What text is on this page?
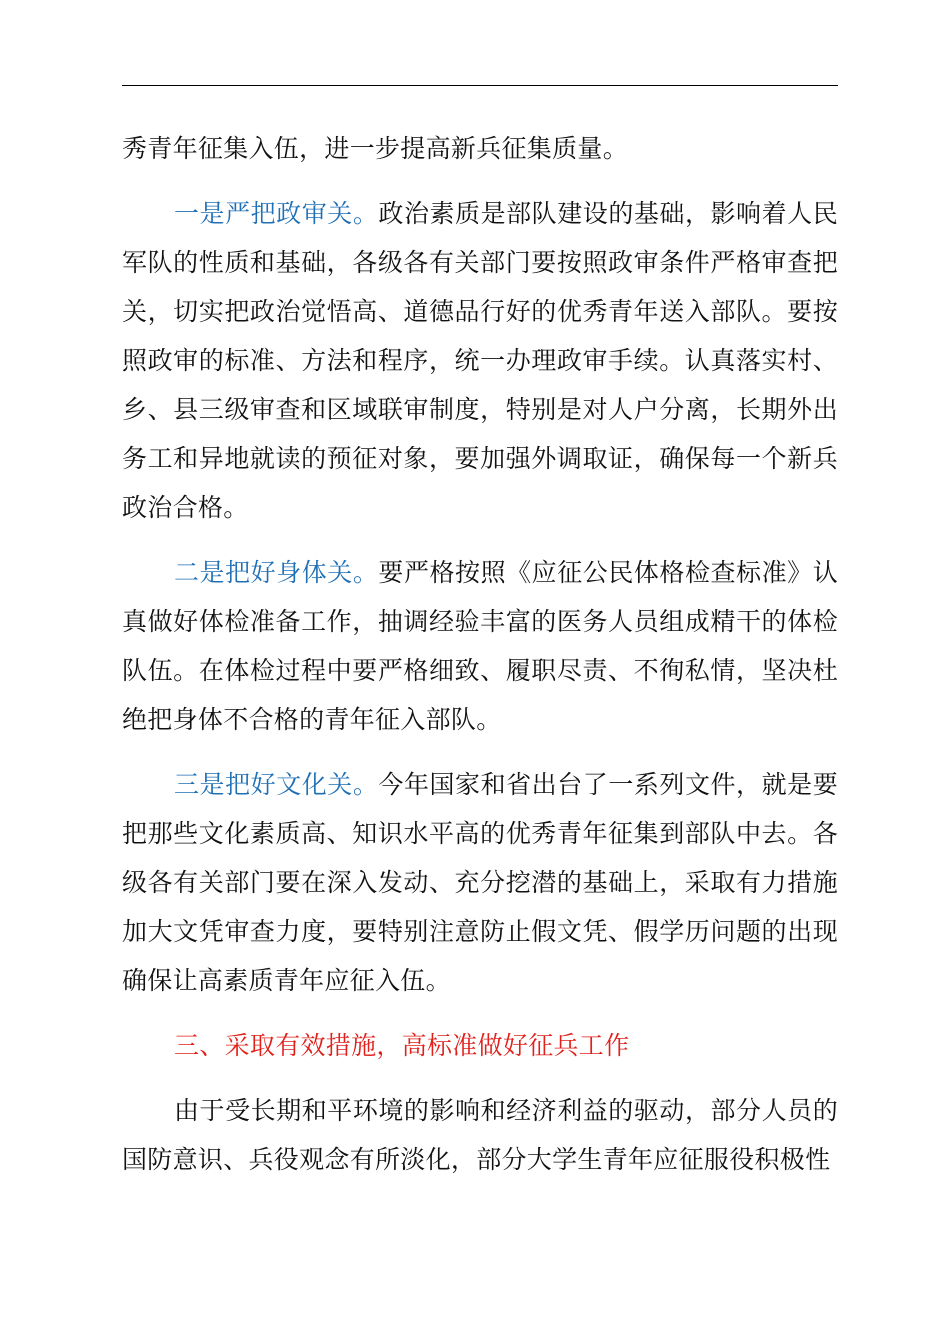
秀青年征集入伍，进一步提高新兵征集质量。

一是严把政审关。政治素质是部队建设的基础，影响着人民军队的性质和基础，各级各有关部门要按照政审条件严格审查把关，切实把政治觉悟高、道德品行好的优秀青年送入部队。要按照政审的标准、方法和程序，统一办理政审手续。认真落实村、乡、县三级审查和区域联审制度，特别是对人户分离，长期外出务工和异地就读的预征对象，要加强外调取证，确保每一个新兵政治合格。

二是把好身体关。要严格按照《应征公民体格检查标准》认真做好体检准备工作，抽调经验丰富的医务人员组成精干的体检队伍。在体检过程中要严格细致、履职尽责、不徇私情，坚决杜绝把身体不合格的青年征入部队。

三是把好文化关。今年国家和省出台了一系列文件，就是要把那些文化素质高、知识水平高的优秀青年征集到部队中去。各级各有关部门要在深入发动、充分挖潜的基础上，采取有力措施加大文凭审查力度，要特别注意防止假文凭、假学历问题的出现确保让高素质青年应征入伍。

三、采取有效措施，高标准做好征兵工作

由于受长期和平环境的影响和经济利益的驱动，部分人员的国防意识、兵役观念有所淡化，部分大学生青年应征服役积极性
